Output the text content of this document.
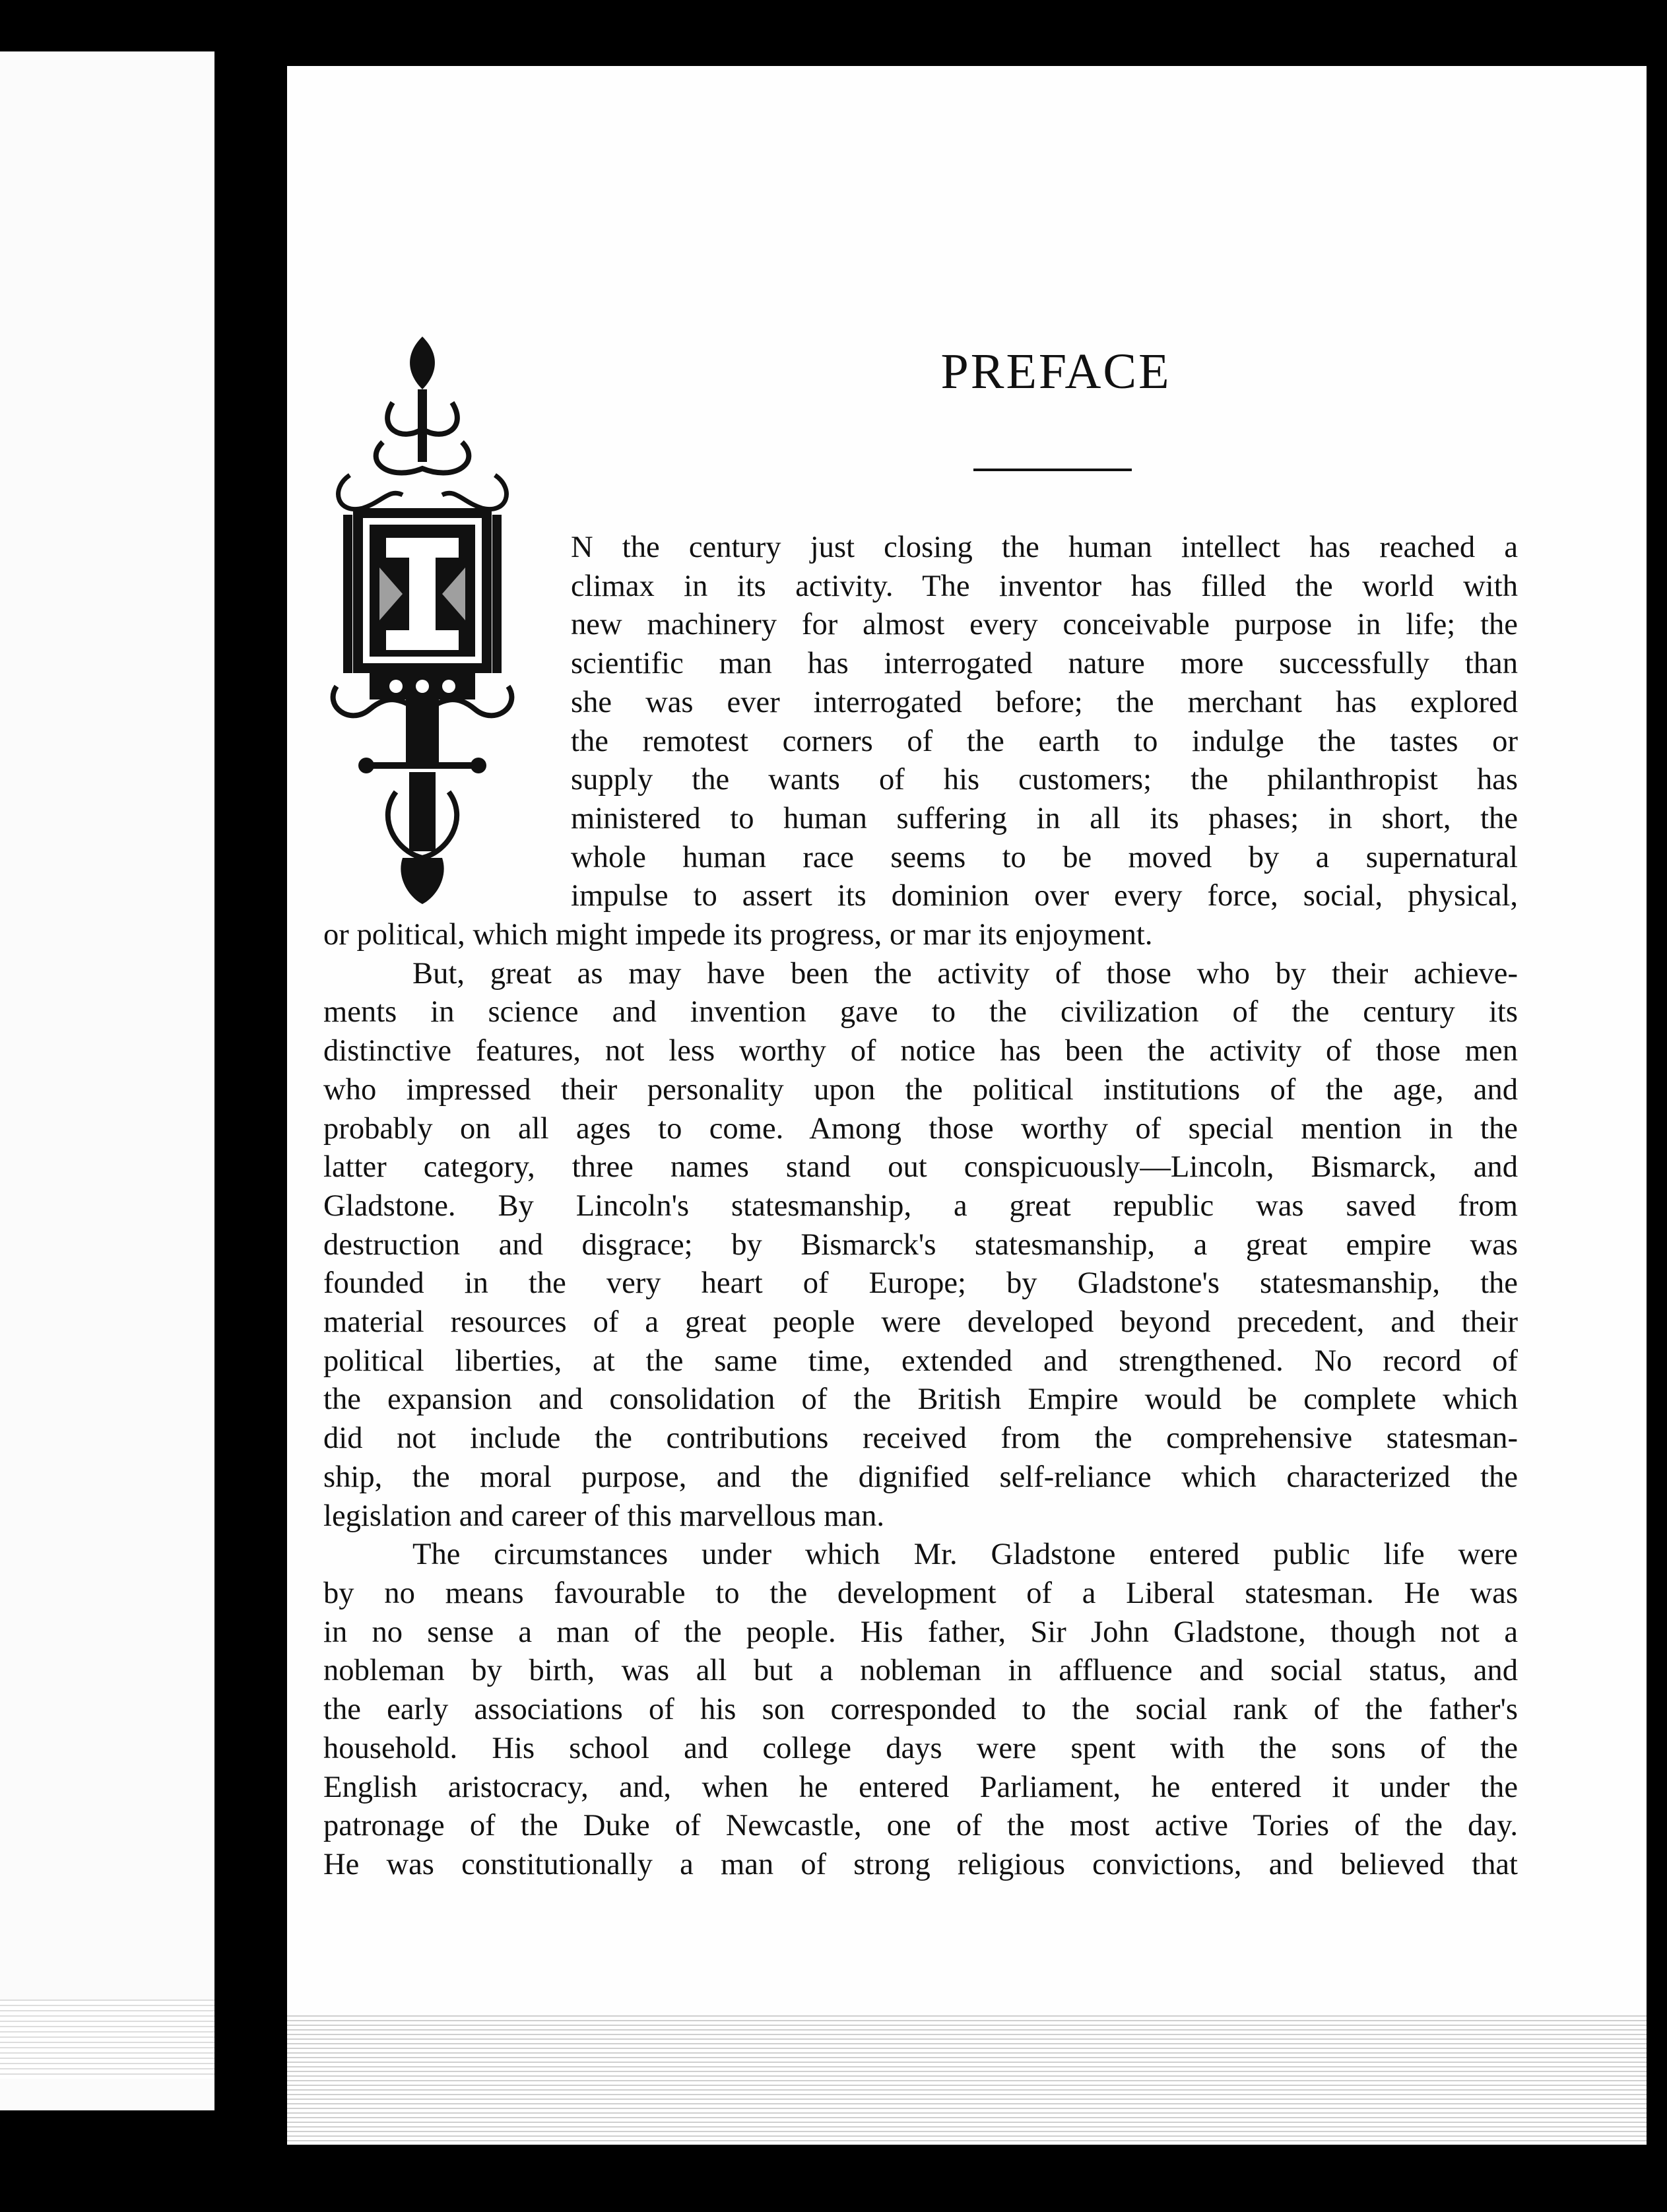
PREFACE
N the century just closing the human intellect has reached a
climax in its activity. The inventor has filled the world with
new machinery for almost every conceivable purpose in life; the
scientific man has interrogated nature more successfully than
she was ever interrogated before; the merchant has explored
the remotest corners of the earth to indulge the tastes or
supply the wants of his customers; the philanthropist has
ministered to human suffering in all its phases; in short, the
whole human race seems to be moved by a supernatural
impulse to assert its dominion over every force, social, physical,
or political, which might impede its progress, or mar its enjoyment.
But, great as may have been the activity of those who by their achieve-
ments in science and invention gave to the civilization of the century its
distinctive features, not less worthy of notice has been the activity of those men
who impressed their personality upon the political institutions of the age, and
probably on all ages to come. Among those worthy of special mention in the
latter category, three names stand out conspicuously—Lincoln, Bismarck, and
Gladstone. By Lincoln's statesmanship, a great republic was saved from
destruction and disgrace; by Bismarck's statesmanship, a great empire was
founded in the very heart of Europe; by Gladstone's statesmanship, the
material resources of a great people were developed beyond precedent, and their
political liberties, at the same time, extended and strengthened. No record of
the expansion and consolidation of the British Empire would be complete which
did not include the contributions received from the comprehensive statesman-
ship, the moral purpose, and the dignified self-reliance which characterized the
legislation and career of this marvellous man.
The circumstances under which Mr. Gladstone entered public life were
by no means favourable to the development of a Liberal statesman. He was
in no sense a man of the people. His father, Sir John Gladstone, though not a
nobleman by birth, was all but a nobleman in affluence and social status, and
the early associations of his son corresponded to the social rank of the father's
household. His school and college days were spent with the sons of the
English aristocracy, and, when he entered Parliament, he entered it under the
patronage of the Duke of Newcastle, one of the most active Tories of the day.
He was constitutionally a man of strong religious convictions, and believed that
